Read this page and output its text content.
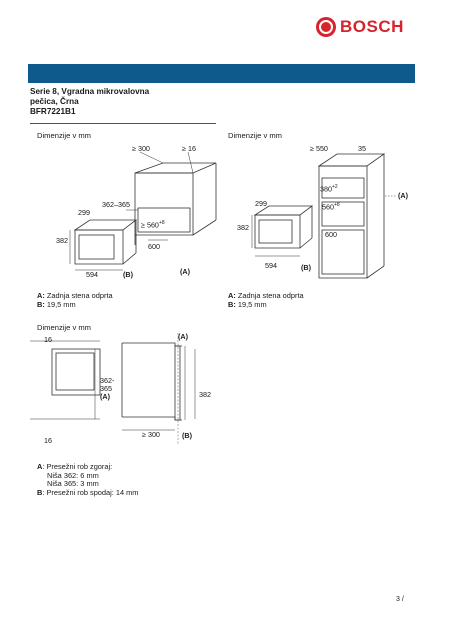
BOSCH
Serie 8, Vgradna mikrovalovna
pečica, Črna
BFR7221B1
Dimenzije v mm
≥ 300	≥ 16
362–365
299
≥ $560^{+8}$
382
600
594	(B)	(A)
A: Zadnja stena odprta
B: 19,5 mm
Dimenzije v mm
≥ 550	35
$380^{+2}$
(A)
299	$560^{+8}$
382
600
594	(B)
A: Zadnja stena odprta
B: 19,5 mm
Dimenzije v mm
16	(A)
362-
365
(A)	382
≥ 300	(B)
16
A: Presežni rob zgoraj:
Niša 362: 6 mm
Niša 365: 3 mm
B: Presežni rob spodaj: 14 mm
3 /
